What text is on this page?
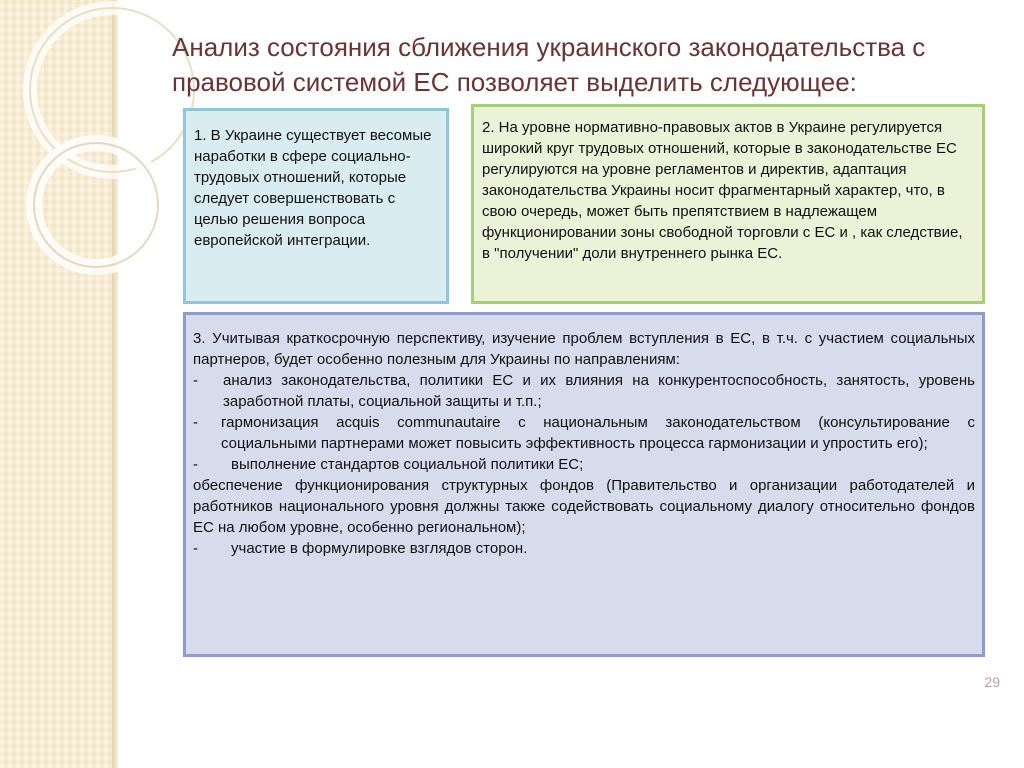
Анализ состояния сближения украинского законодательства с правовой системой ЕС позволяет выделить следующее:
1. В Украине существует весомые наработки в сфере социально-трудовых отношений, которые следует совершенствовать с целью решения вопроса европейской интеграции.
2. На уровне нормативно-правовых актов в Украине регулируется широкий круг трудовых отношений, которые в законодательстве ЕС регулируются на уровне регламентов и директив, адаптация законодательства Украины носит фрагментарный характер, что, в свою очередь, может быть препятствием в надлежащем функционировании зоны свободной торговли с ЕС и , как следствие, в "получении" доли внутреннего рынка ЕС.

3. Учитывая краткосрочную перспективу, изучение проблем вступления в ЕС, в т.ч. с участием социальных партнеров, будет особенно полезным для Украины по направлениям:

-	анализ законодательства, политики ЕС и их влияния на конкурентоспособность, занятость, уровень заработной платы, социальной защиты и т.п.;
-	гармонизация acquis communautaire с национальным законодательством (консультирование с социальными партнерами может повысить эффективность процесса гармонизации и упростить его);
-	выполнение стандартов социальной политики ЕС;

обеспечение функционирования структурных фондов (Правительство и организации работодателей и работников национального уровня должны также содействовать социальному диалогу относительно фондов ЕС на любом уровне, особенно региональном);

-	участие в формулировке взглядов сторон.
29
